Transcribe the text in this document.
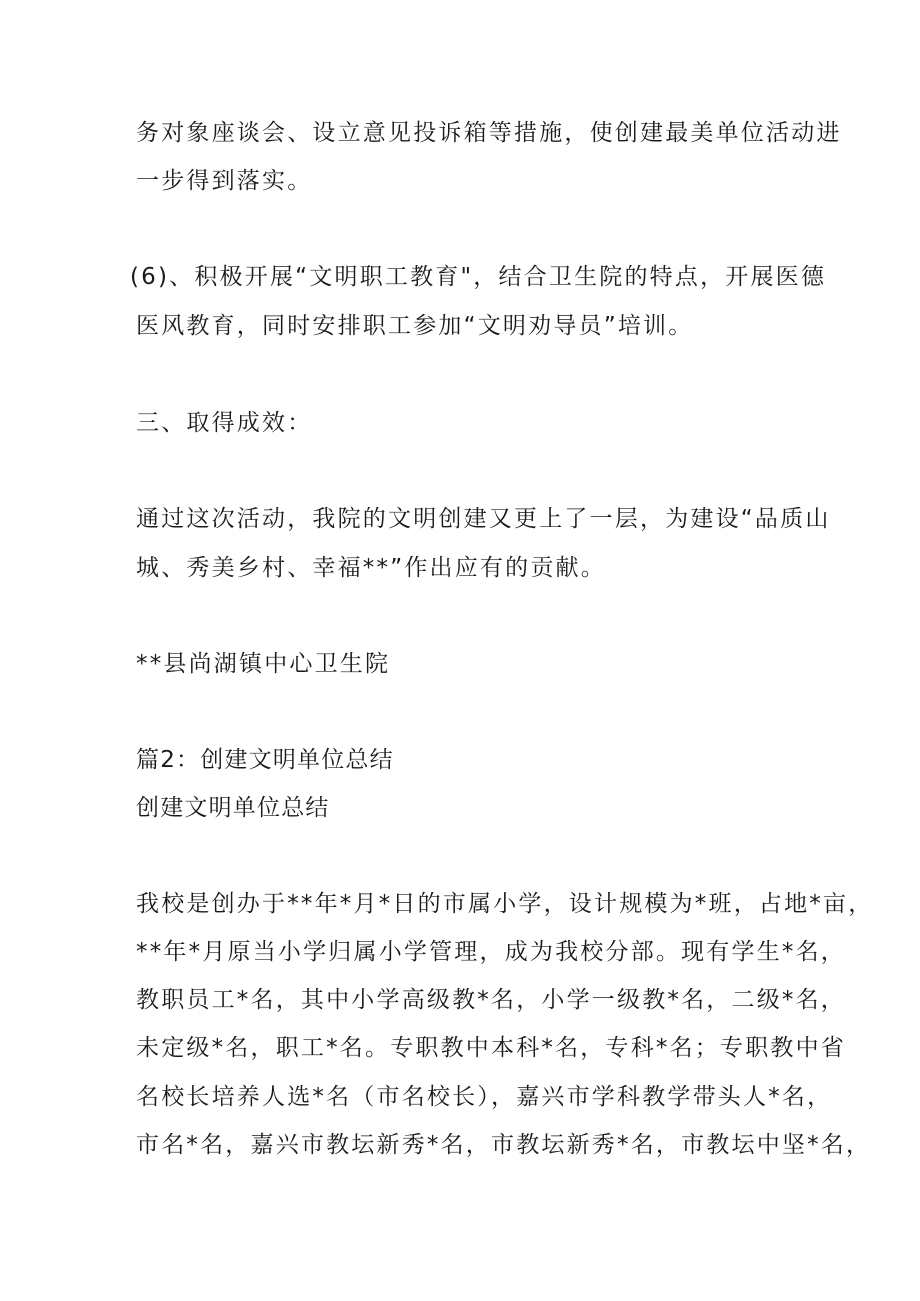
务对象座谈会、设立意见投诉箱等措施，使创建最美单位活动进
一步得到落实。
(6)、积极开展“文明职工教育"，结合卫生院的特点，开展医德
医风教育，同时安排职工参加“文明劝导员”培训。
三、取得成效：
通过这次活动，我院的文明创建又更上了一层，为建设“品质山
城、秀美乡村、幸福**”作出应有的贡献。
**县尚湖镇中心卫生院
篇2：创建文明单位总结
创建文明单位总结
我校是创办于**年*月*日的市属小学，设计规模为*班，占地*亩，
**年*月原当小学归属小学管理，成为我校分部。现有学生*名，
教职员工*名，其中小学高级教*名，小学一级教*名，二级*名，
未定级*名，职工*名。专职教中本科*名，专科*名；专职教中省
名校长培养人选*名（市名校长），嘉兴市学科教学带头人*名，
市名*名，嘉兴市教坛新秀*名，市教坛新秀*名，市教坛中坚*名，
